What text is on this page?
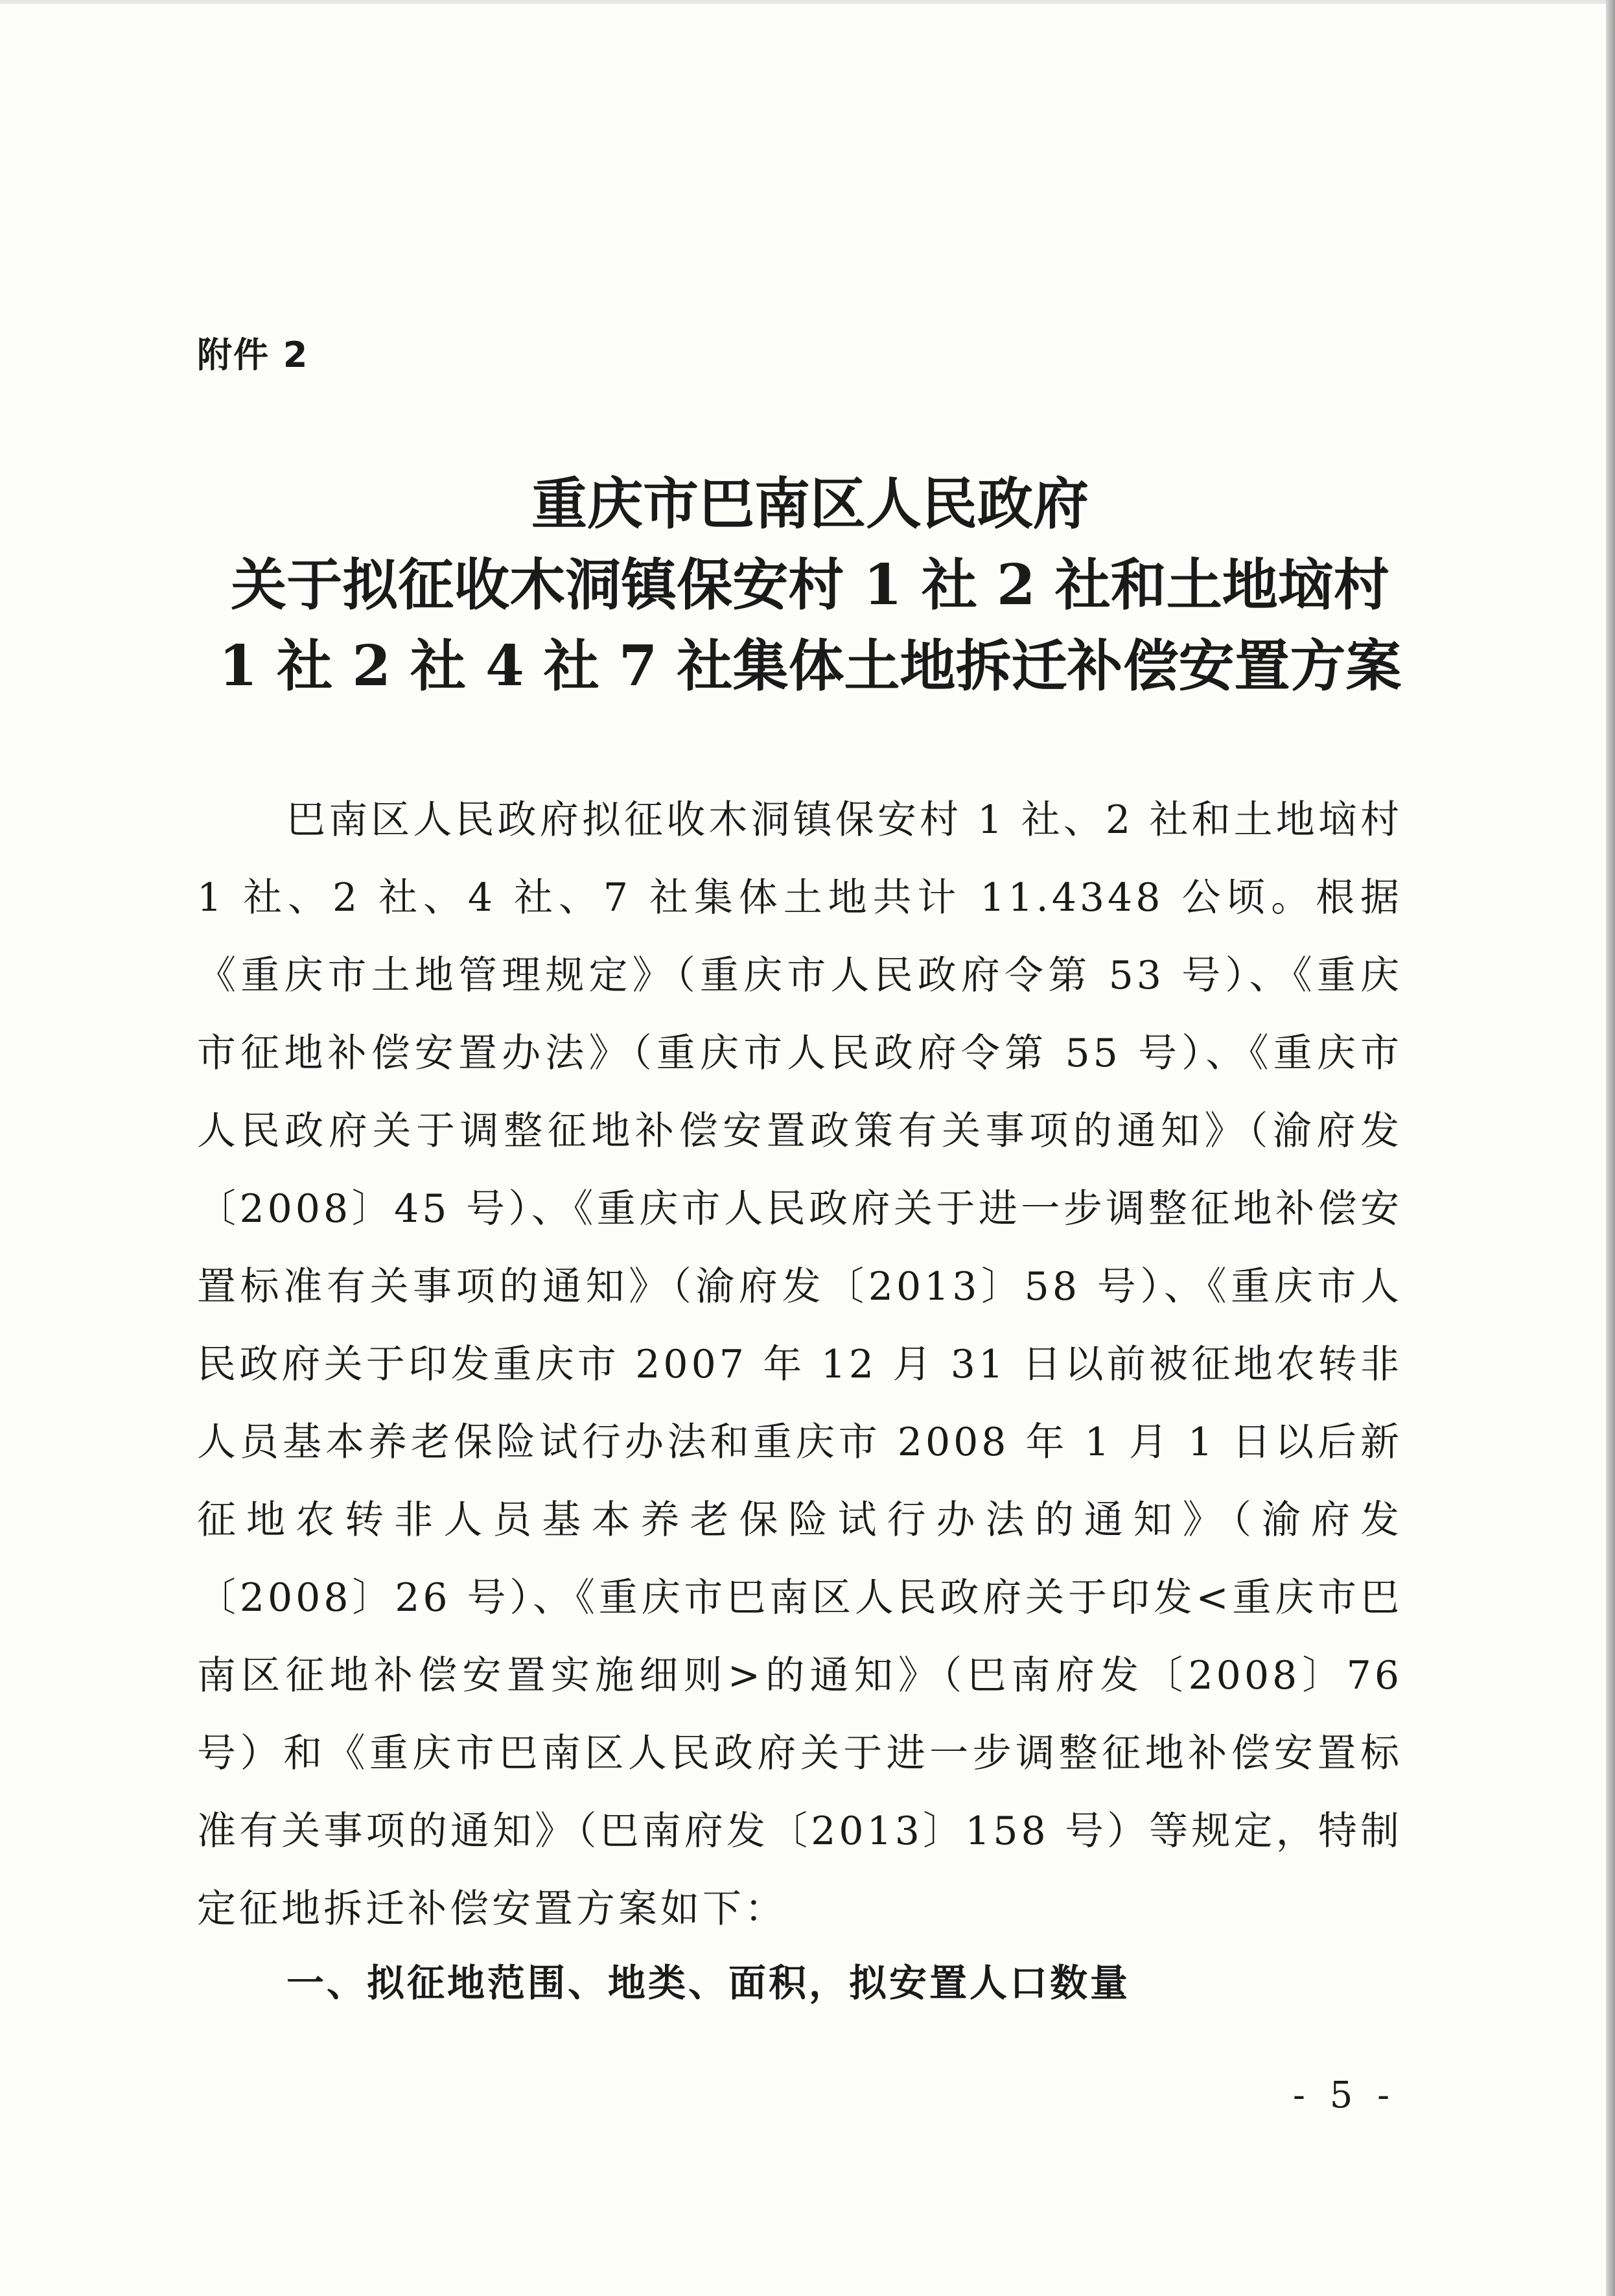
附件 2
重庆市巴南区人民政府
关于拟征收木洞镇保安村 1 社 2 社和土地垴村
1 社 2 社 4 社 7 社集体土地拆迁补偿安置方案
巴南区人民政府拟征收木洞镇保安村 1 社、2 社和土地垴村 1 社、2 社、4 社、7 社集体土地共计 11.4348 公顷。根据《重庆市土地管理规定》（重庆市人民政府令第 53 号）、《重庆市征地补偿安置办法》（重庆市人民政府令第 55 号）、《重庆市人民政府关于调整征地补偿安置政策有关事项的通知》（渝府发〔2008〕45 号）、《重庆市人民政府关于进一步调整征地补偿安置标准有关事项的通知》（渝府发〔2013〕58 号）、《重庆市人民政府关于印发重庆市 2007 年 12 月 31 日以前被征地农转非人员基本养老保险试行办法和重庆市 2008 年 1 月 1 日以后新征地农转非人员基本养老保险试行办法的通知》（渝府发〔2008〕26 号）、《重庆市巴南区人民政府关于印发<重庆市巴南区征地补偿安置实施细则>的通知》（巴南府发〔2008〕76 号）和《重庆市巴南区人民政府关于进一步调整征地补偿安置标准有关事项的通知》（巴南府发〔2013〕158 号）等规定，特制定征地拆迁补偿安置方案如下：
一、拟征地范围、地类、面积，拟安置人口数量
- 5 -
